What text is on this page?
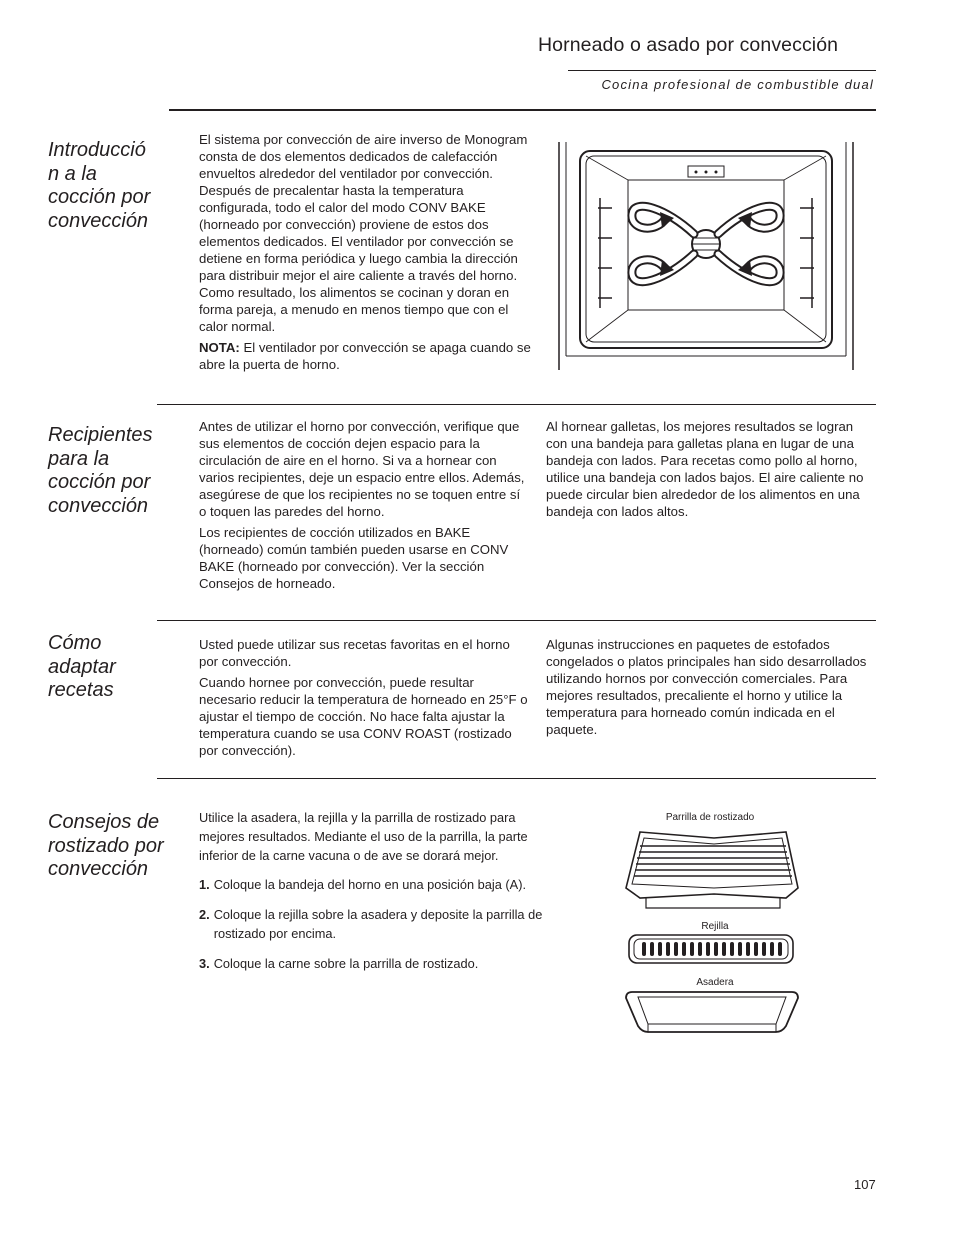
Horneado o asado por convección
Cocina profesional de combustible dual
Introducció n a la cocción por convección

El sistema por convección de aire inverso de Monogram consta de dos elementos dedicados de calefacción envueltos alrededor del ventilador por convección. Después de precalentar hasta la temperatura configurada, todo el calor del modo CONV BAKE (horneado por convección) proviene de estos dos elementos dedicados. El ventilador por convección se detiene en forma periódica y luego cambia la dirección para distribuir mejor el aire caliente a través del horno. Como resultado, los alimentos se cocinan y doran en forma pareja, a menudo en menos tiempo que con el calor normal.

NOTA: El ventilador por convección se apaga cuando se abre la puerta de horno.

Recipientes para la cocción por convección

Antes de utilizar el horno por convección, verifique que sus elementos de cocción dejen espacio para la circulación de aire en el horno. Si va a hornear con varios recipientes, deje un espacio entre ellos. Además, asegúrese de que los recipientes no se toquen entre sí o toquen las paredes del horno.

Los recipientes de cocción utilizados en BAKE (horneado) común también pueden usarse en CONV BAKE (horneado por convección). Ver la sección Consejos de horneado.

Al hornear galletas, los mejores resultados se logran con una bandeja para galletas plana en lugar de una bandeja con lados. Para recetas como pollo al horno, utilice una bandeja con lados bajos. El aire caliente no puede circular bien alrededor de los alimentos en una bandeja con lados altos.

Cómo adaptar recetas

Usted puede utilizar sus recetas favoritas en el horno por convección.

Cuando hornee por convección, puede resultar necesario reducir la temperatura de horneado en 25°F o ajustar el tiempo de cocción. No hace falta ajustar la temperatura cuando se usa CONV ROAST (rostizado por convección).

Algunas instrucciones en paquetes de estofados congelados o platos principales han sido desarrollados utilizando hornos por convección comerciales. Para mejores resultados, precaliente el horno y utilice la temperatura para horneado común indicada en el paquete.

Consejos de rostizado por convección

Utilice la asadera, la rejilla y la parrilla de rostizado para mejores resultados. Mediante el uso de la parrilla, la parte inferior de la carne vacuna o de ave se dorará mejor.

1. Coloque la bandeja del horno en una posición baja (A).
2. Coloque la rejilla sobre la asadera y deposite la parrilla de rostizado por encima.
3. Coloque la carne sobre la parrilla de rostizado.
Parrilla de rostizado
Rejilla
Asadera
107
